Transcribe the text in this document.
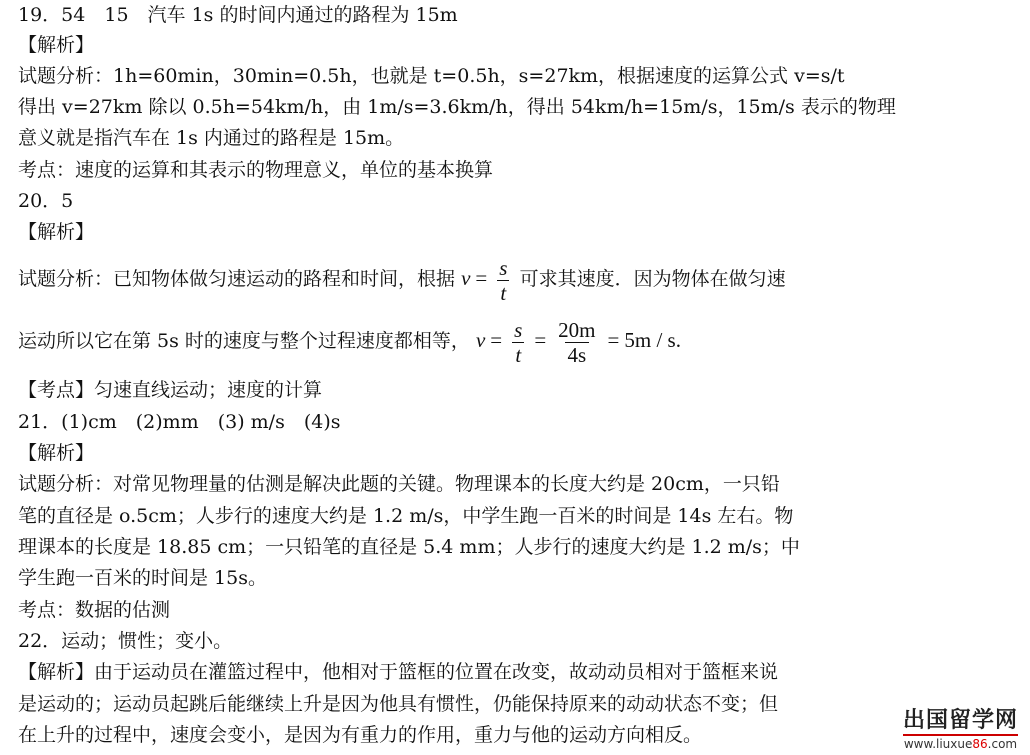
19．54　15　汽车 1s 的时间内通过的路程为 15m
【解析】
试题分析：1h=60min，30min=0.5h，也就是 t=0.5h，s=27km，根据速度的运算公式 v=s/t
得出 v=27km 除以 0.5h=54km/h，由 1m/s=3.6km/h，得出 54km/h=15m/s，15m/s 表示的物理
意义就是指汽车在 1s 内通过的路程是 15m。
考点：速度的运算和其表示的物理意义，单位的基本换算
20．5
【解析】
试题分析：已知物体做匀速运动的路程和时间，根据 $v = \frac{s}{t}$ 可求其速度．因为物体在做匀速
运动所以它在第 5s 时的速度与整个过程速度都相等， $v = \frac{s}{t} = \frac{20m}{4s} = 5m / s$.
【考点】匀速直线运动；速度的计算
21．(1)cm　(2)mm　(3) m/s　(4)s
【解析】
试题分析：对常见物理量的估测是解决此题的关键。物理课本的长度大约是 20cm，一只铅
笔的直径是 o.5cm；人步行的速度大约是 1.2 m/s，中学生跑一百米的时间是 14s 左右。物
理课本的长度是 18.85 cm；一只铅笔的直径是 5.4 mm；人步行的速度大约是 1.2 m/s；中
学生跑一百米的时间是 15s。
考点：数据的估测
22．运动；惯性；变小。
【解析】由于运动员在灌篮过程中，他相对于篮框的位置在改变，故动动员相对于篮框来说
是运动的；运动员起跳后能继续上升是因为他具有惯性，仍能保持原来的动动状态不变；但
在上升的过程中，速度会变小，是因为有重力的作用，重力与他的运动方向相反。
出国留学网
www.liuxue86.com
